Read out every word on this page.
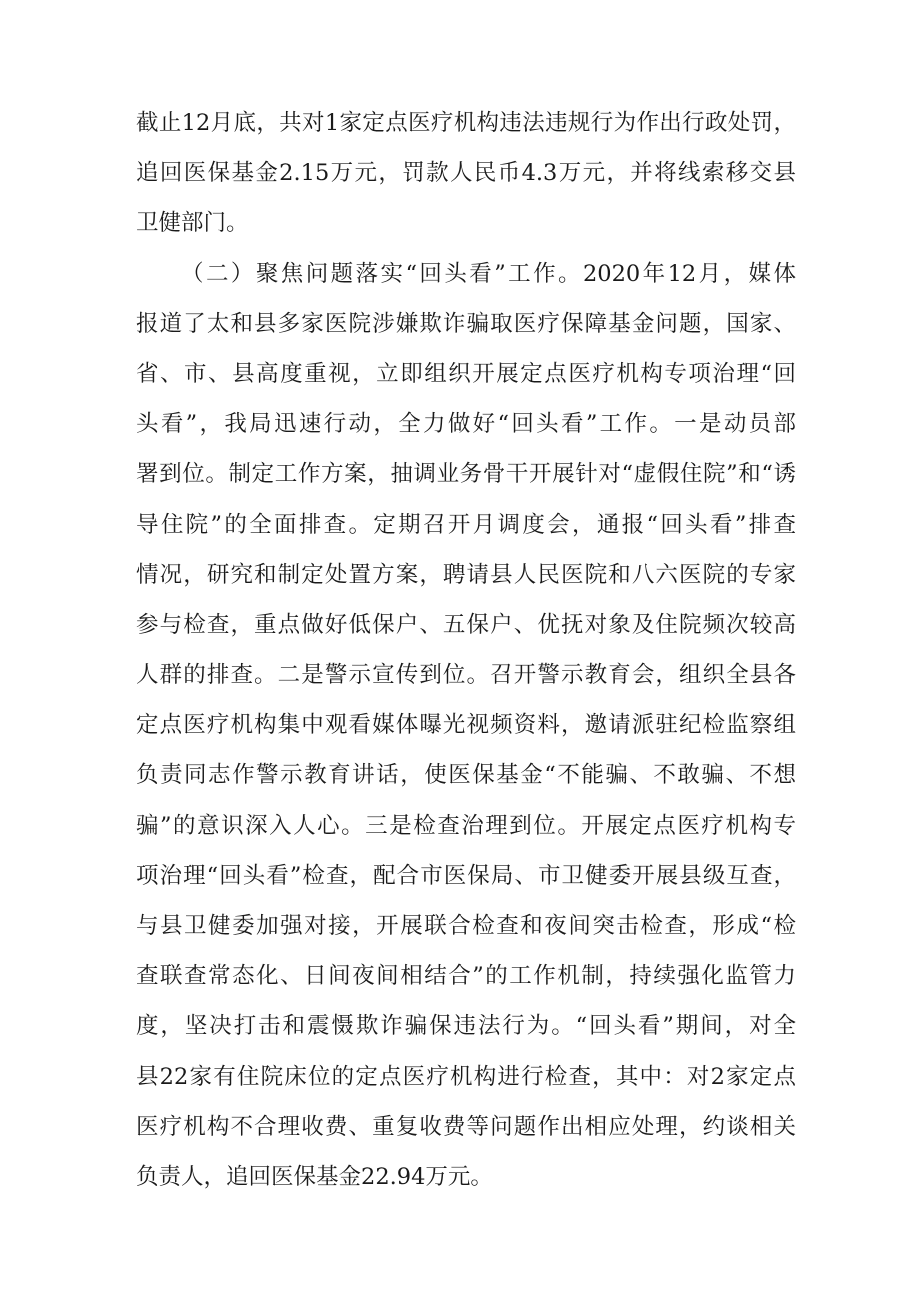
截止12月底，共对1家定点医疗机构违法违规行为作出行政处罚，
追回医保基金2.15万元，罚款人民币4.3万元，并将线索移交县
卫健部门。
（二）聚焦问题落实“回头看”工作。2020年12月，媒体
报道了太和县多家医院涉嫌欺诈骗取医疗保障基金问题，国家、
省、市、县高度重视，立即组织开展定点医疗机构专项治理“回
头看”，我局迅速行动，全力做好“回头看”工作。一是动员部
署到位。制定工作方案，抽调业务骨干开展针对“虚假住院”和“诱
导住院”的全面排查。定期召开月调度会，通报“回头看”排查
情况，研究和制定处置方案，聘请县人民医院和八六医院的专家
参与检查，重点做好低保户、五保户、优抚对象及住院频次较高
人群的排查。二是警示宣传到位。召开警示教育会，组织全县各
定点医疗机构集中观看媒体曝光视频资料，邀请派驻纪检监察组
负责同志作警示教育讲话，使医保基金“不能骗、不敢骗、不想
骗”的意识深入人心。三是检查治理到位。开展定点医疗机构专
项治理“回头看”检查，配合市医保局、市卫健委开展县级互查，
与县卫健委加强对接，开展联合检查和夜间突击检查，形成“检
查联查常态化、日间夜间相结合”的工作机制，持续强化监管力
度，坚决打击和震慑欺诈骗保违法行为。“回头看”期间，对全
县22家有住院床位的定点医疗机构进行检查，其中：对2家定点
医疗机构不合理收费、重复收费等问题作出相应处理，约谈相关
负责人，追回医保基金22.94万元。
